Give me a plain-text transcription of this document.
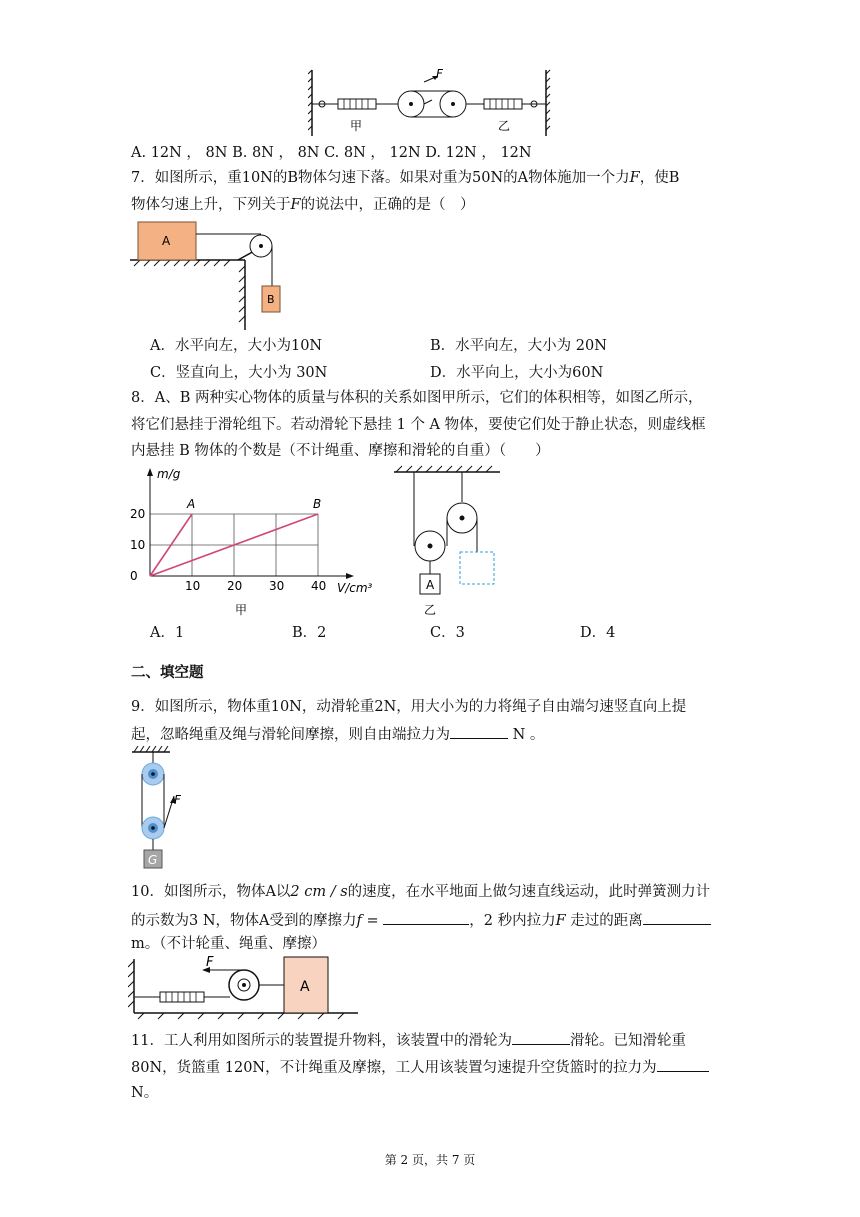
F
甲	乙
A. 12N ， 8N B. 8N ， 8N C. 8N ， 12N D. 12N ， 12N
7．如图所示，重10N的B物体匀速下落。如果对重为50N的A物体施加一个力F，使B
物体匀速上升，下列关于F的说法中，正确的是（　）
A
B
A．水平向左，大小为10N	B．水平向左，大小为 20N
C．竖直向上，大小为 30N	D．水平向上，大小为60N
8．A、B 两种实心物体的质量与体积的关系如图甲所示，它们的体积相等，如图乙所示，
将它们悬挂于滑轮组下。若动滑轮下悬挂 1 个 A 物体，要使它们处于静止状态，则虚线框
内悬挂 B 物体的个数是（不计绳重、摩擦和滑轮的自重）（　　）
m/g
V/cm³
10 20 30 40
20
10
0
A	B
甲
A
乙
A．1	B．2	C．3	D．4
二、填空题
9．如图所示，物体重10N，动滑轮重2N，用大小为的力将绳子自由端匀速竖直向上提
起，忽略绳重及绳与滑轮间摩擦，则自由端拉力为	N 。
F
G
10．如图所示，物体A以2 cm / s的速度，在水平地面上做匀速直线运动，此时弹簧测力计
的示数为3 N，物体A受到的摩擦力f =	，2 秒内拉力F 走过的距离
m。（不计轮重、绳重、摩擦）
F
A
11．工人利用如图所示的装置提升物料，该装置中的滑轮为	滑轮。已知滑轮重
80N，货篮重 120N，不计绳重及摩擦，工人用该装置匀速提升空货篮时的拉力为
N。
第 2 页，共 7 页
